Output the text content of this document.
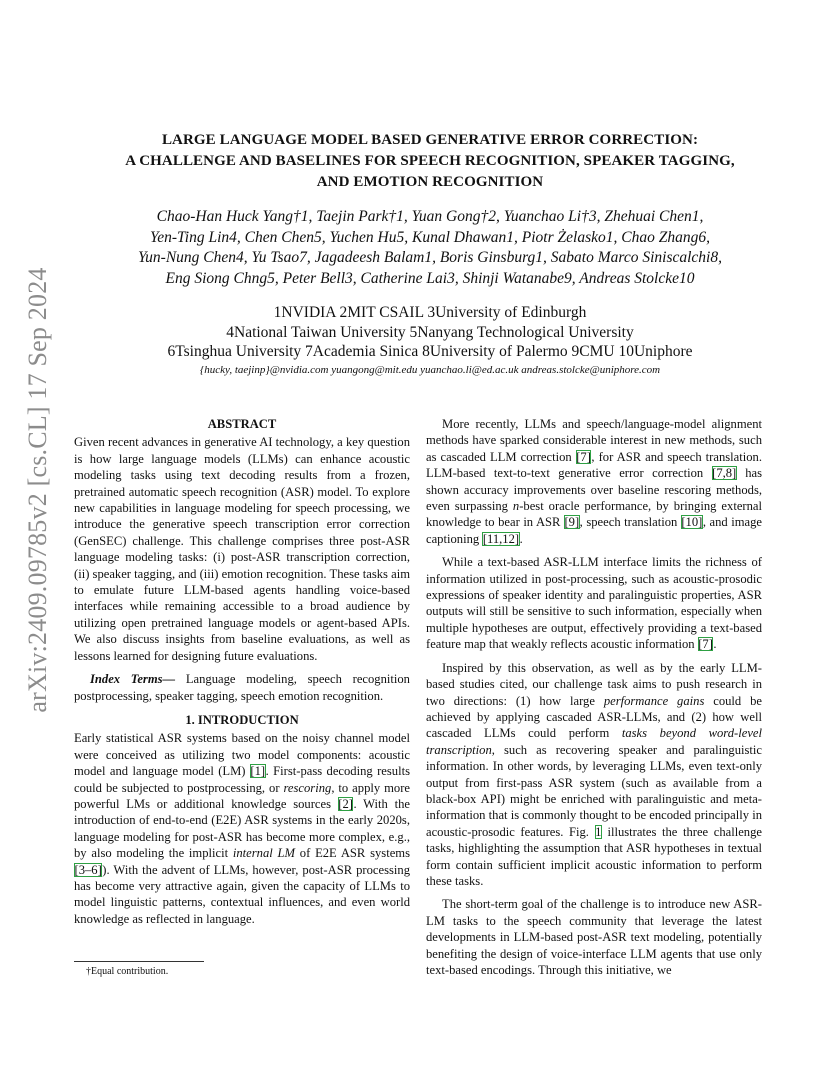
arXiv:2409.09785v2 [cs.CL] 17 Sep 2024
LARGE LANGUAGE MODEL BASED GENERATIVE ERROR CORRECTION:
A CHALLENGE AND BASELINES FOR SPEECH RECOGNITION, SPEAKER TAGGING,
AND EMOTION RECOGNITION
Chao-Han Huck Yang†1, Taejin Park†1, Yuan Gong†2, Yuanchao Li†3, Zhehuai Chen1,
Yen-Ting Lin4, Chen Chen5, Yuchen Hu5, Kunal Dhawan1, Piotr Żelasko1, Chao Zhang6,
Yun-Nung Chen4, Yu Tsao7, Jagadeesh Balam1, Boris Ginsburg1, Sabato Marco Siniscalchi8,
Eng Siong Chng5, Peter Bell3, Catherine Lai3, Shinji Watanabe9, Andreas Stolcke10
1NVIDIA 2MIT CSAIL 3University of Edinburgh
4National Taiwan University 5Nanyang Technological University
6Tsinghua University 7Academia Sinica 8University of Palermo 9CMU 10Uniphore
{hucky, taejinp}@nvidia.com yuangong@mit.edu yuanchao.li@ed.ac.uk andreas.stolcke@uniphore.com
ABSTRACT

Given recent advances in generative AI technology, a key question is how large language models (LLMs) can enhance acoustic modeling tasks using text decoding results from a frozen, pretrained automatic speech recognition (ASR) model. To explore new capabilities in language modeling for speech processing, we introduce the generative speech transcription error correction (GenSEC) challenge. This challenge comprises three post-ASR language modeling tasks: (i) post-ASR transcription correction, (ii) speaker tagging, and (iii) emotion recognition. These tasks aim to emulate future LLM-based agents handling voice-based interfaces while remaining accessible to a broad audience by utilizing open pretrained language models or agent-based APIs. We also discuss insights from baseline evaluations, as well as lessons learned for designing future evaluations.

Index Terms— Language modeling, speech recognition postprocessing, speaker tagging, speech emotion recognition.

1. INTRODUCTION

Early statistical ASR systems based on the noisy channel model were conceived as utilizing two model components: acoustic model and language model (LM) [1]. First-pass decoding results could be subjected to postprocessing, or rescoring, to apply more powerful LMs or additional knowledge sources [2]. With the introduction of end-to-end (E2E) ASR systems in the early 2020s, language modeling for post-ASR has become more complex, e.g., by also modeling the implicit internal LM of E2E ASR systems [3–6]). With the advent of LLMs, however, post-ASR processing has become very attractive again, given the capacity of LLMs to model linguistic patterns, contextual influences, and even world knowledge as reflected in language.

More recently, LLMs and speech/language-model alignment methods have sparked considerable interest in new methods, such as cascaded LLM correction [7], for ASR and speech translation. LLM-based text-to-text generative error correction [7,8] has shown accuracy improvements over baseline rescoring methods, even surpassing n-best oracle performance, by bringing external knowledge to bear in ASR [9], speech translation [10], and image captioning [11,12].

While a text-based ASR-LLM interface limits the richness of information utilized in post-processing, such as acoustic-prosodic expressions of speaker identity and paralinguistic properties, ASR outputs will still be sensitive to such information, especially when multiple hypotheses are output, effectively providing a text-based feature map that weakly reflects acoustic information [7].

Inspired by this observation, as well as by the early LLM-based studies cited, our challenge task aims to push research in two directions: (1) how large performance gains could be achieved by applying cascaded ASR-LLMs, and (2) how well cascaded LLMs could perform tasks beyond word-level transcription, such as recovering speaker and paralinguistic information. In other words, by leveraging LLMs, even text-only output from first-pass ASR system (such as available from a black-box API) might be enriched with paralinguistic and meta-information that is commonly thought to be encoded principally in acoustic-prosodic features. Fig. 1 illustrates the three challenge tasks, highlighting the assumption that ASR hypotheses in textual form contain sufficient implicit acoustic information to perform these tasks.

The short-term goal of the challenge is to introduce new ASR-LM tasks to the speech community that leverage the latest developments in LLM-based post-ASR text modeling, potentially benefiting the design of voice-interface LLM agents that use only text-based encodings. Through this initiative, we

†Equal contribution.
